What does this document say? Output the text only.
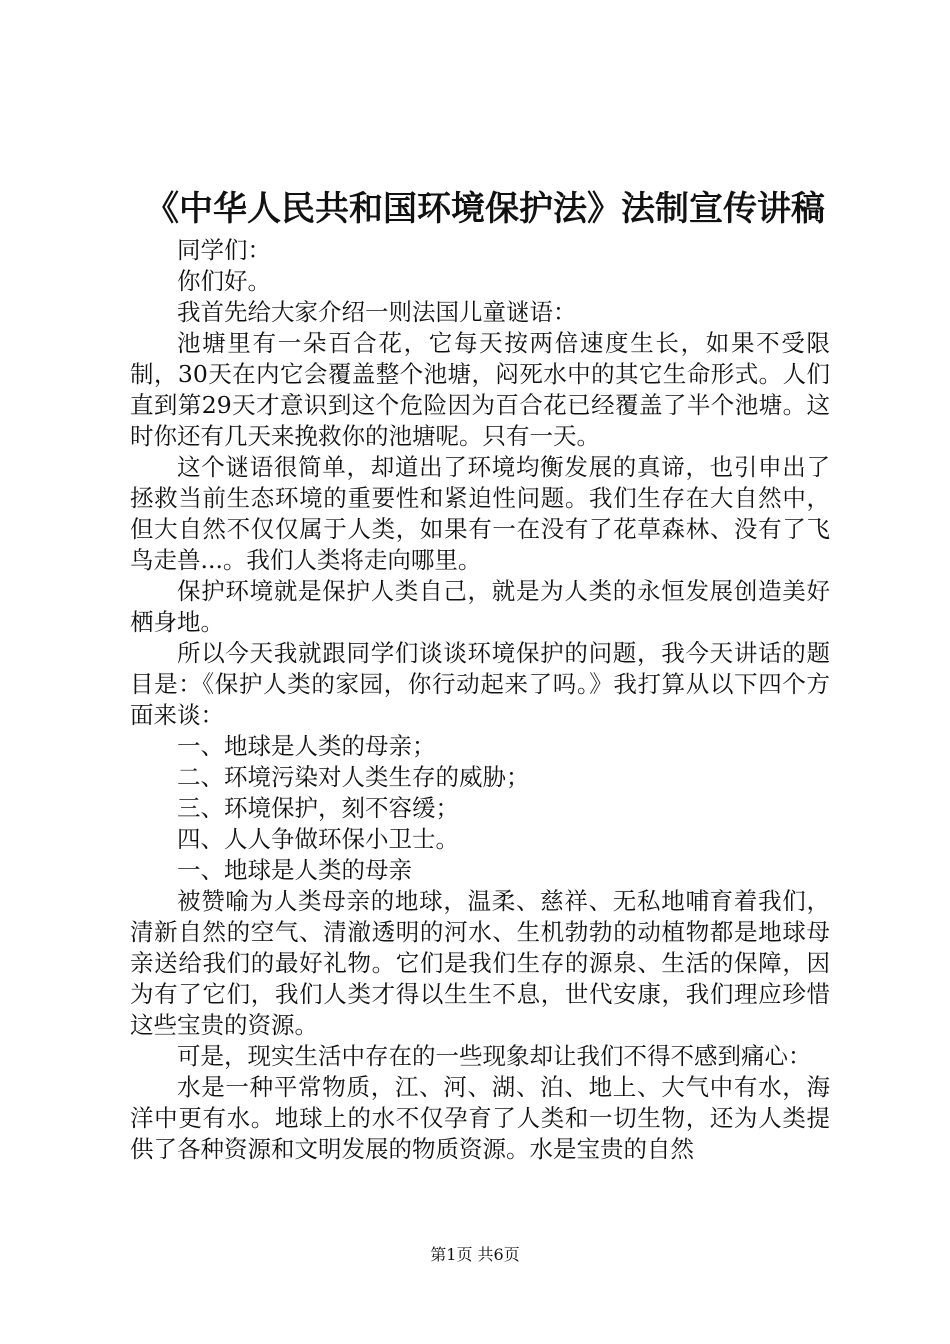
《中华人民共和国环境保护法》法制宣传讲稿

同学们：

你们好。

我首先给大家介绍一则法国儿童谜语：

池塘里有一朵百合花，它每天按两倍速度生长，如果不受限制，30天在内它会覆盖整个池塘，闷死水中的其它生命形式。人们直到第29天才意识到这个危险因为百合花已经覆盖了半个池塘。这时你还有几天来挽救你的池塘呢。只有一天。

这个谜语很简单，却道出了环境均衡发展的真谛，也引申出了拯救当前生态环境的重要性和紧迫性问题。我们生存在大自然中，但大自然不仅仅属于人类，如果有一在没有了花草森林、没有了飞鸟走兽...。我们人类将走向哪里。

保护环境就是保护人类自己，就是为人类的永恒发展创造美好栖身地。

所以今天我就跟同学们谈谈环境保护的问题，我今天讲话的题目是：《保护人类的家园，你行动起来了吗。》我打算从以下四个方面来谈：

一、地球是人类的母亲；

二、环境污染对人类生存的威胁；

三、环境保护，刻不容缓；

四、人人争做环保小卫士。

一、地球是人类的母亲

被赞喻为人类母亲的地球，温柔、慈祥、无私地哺育着我们，清新自然的空气、清澈透明的河水、生机勃勃的动植物都是地球母亲送给我们的最好礼物。它们是我们生存的源泉、生活的保障，因为有了它们，我们人类才得以生生不息，世代安康，我们理应珍惜这些宝贵的资源。

可是，现实生活中存在的一些现象却让我们不得不感到痛心：

水是一种平常物质，江、河、湖、泊、地上、大气中有水，海洋中更有水。地球上的水不仅孕育了人类和一切生物，还为人类提供了各种资源和文明发展的物质资源。水是宝贵的自然

第1页 共6页
